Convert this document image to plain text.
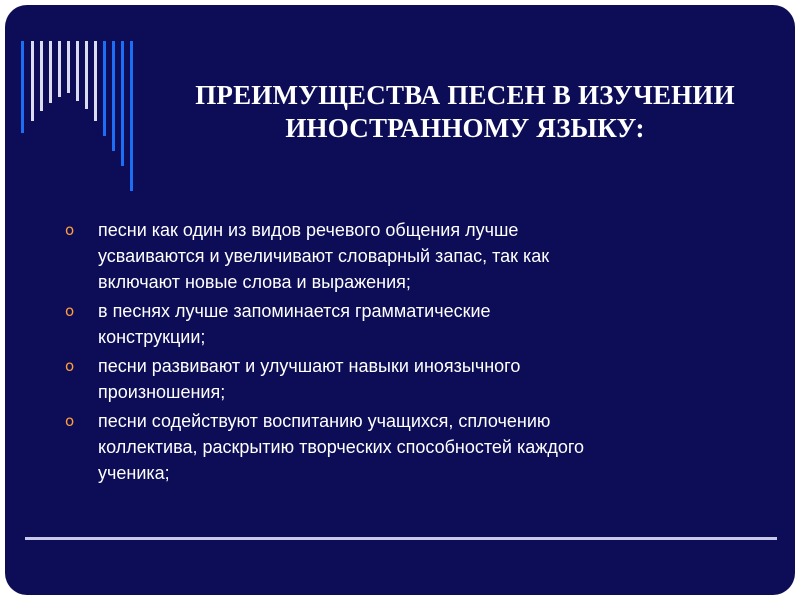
ПРЕИМУЩЕСТВА ПЕСЕН В ИЗУЧЕНИИ
ИНОСТРАННОМУ ЯЗЫКУ:
o песни как один из видов речевого общения лучше
усваиваются и увеличивают словарный запас, так как
включают новые слова и выражения;
o в песнях лучше запоминается грамматические
конструкции;
o песни развивают и улучшают навыки иноязычного
произношения;
o песни содействуют воспитанию учащихся, сплочению
коллектива, раскрытию творческих способностей каждого
ученика;
